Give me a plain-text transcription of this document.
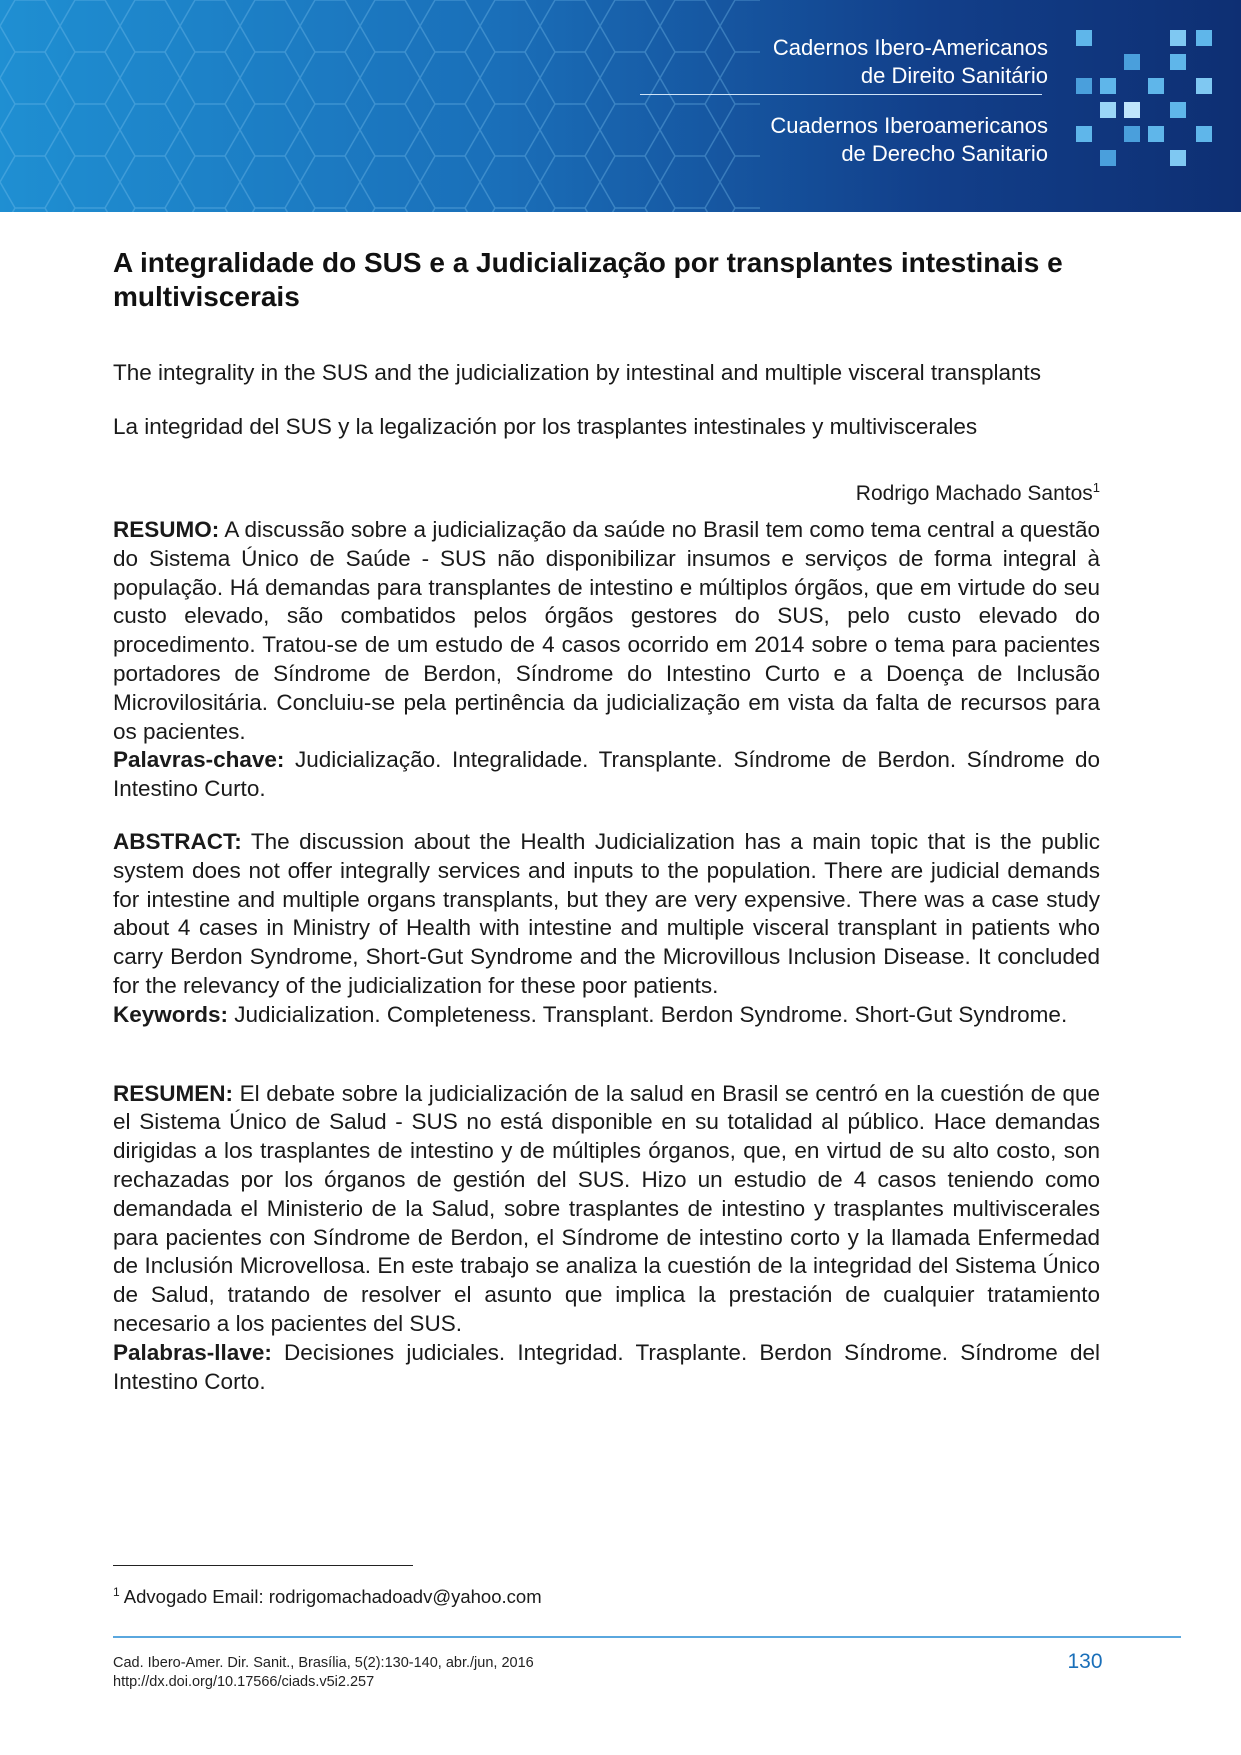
Cadernos Ibero-Americanos
de Direito Sanitário
Cuadernos Iberoamericanos
de Derecho Sanitario
A integralidade do SUS e a Judicialização por transplantes intestinais e multiviscerais

The integrality in the SUS and the judicialization by intestinal and multiple visceral transplants

La integridad del SUS y la legalización por los trasplantes intestinales y multiviscerales

Rodrigo Machado Santos$^1$

RESUMO: A discussão sobre a judicialização da saúde no Brasil tem como tema central a questão do Sistema Único de Saúde - SUS não disponibilizar insumos e serviços de forma integral à população. Há demandas para transplantes de intestino e múltiplos órgãos, que em virtude do seu custo elevado, são combatidos pelos órgãos gestores do SUS, pelo custo elevado do procedimento. Tratou-se de um estudo de 4 casos ocorrido em 2014 sobre o tema para pacientes portadores de Síndrome de Berdon, Síndrome do Intestino Curto e a Doença de Inclusão Microvilositária. Concluiu-se pela pertinência da judicialização em vista da falta de recursos para os pacientes.

Palavras-chave: Judicialização. Integralidade. Transplante. Síndrome de Berdon. Síndrome do Intestino Curto.

ABSTRACT: The discussion about the Health Judicialization has a main topic that is the public system does not offer integrally services and inputs to the population. There are judicial demands for intestine and multiple organs transplants, but they are very expensive. There was a case study about 4 cases in Ministry of Health with intestine and multiple visceral transplant in patients who carry Berdon Syndrome, Short-Gut Syndrome and the Microvillous Inclusion Disease. It concluded for the relevancy of the judicialization for these poor patients.

Keywords: Judicialization. Completeness. Transplant. Berdon Syndrome. Short-Gut Syndrome.

RESUMEN: El debate sobre la judicialización de la salud en Brasil se centró en la cuestión de que el Sistema Único de Salud - SUS no está disponible en su totalidad al público. Hace demandas dirigidas a los trasplantes de intestino y de múltiples órganos, que, en virtud de su alto costo, son rechazadas por los órganos de gestión del SUS. Hizo un estudio de 4 casos teniendo como demandada el Ministerio de la Salud, sobre trasplantes de intestino y trasplantes multiviscerales para pacientes con Síndrome de Berdon, el Síndrome de intestino corto y la llamada Enfermedad de Inclusión Microvellosa. En este trabajo se analiza la cuestión de la integridad del Sistema Único de Salud, tratando de resolver el asunto que implica la prestación de cualquier tratamiento necesario a los pacientes del SUS.

Palabras-llave: Decisiones judiciales. Integridad. Trasplante. Berdon Síndrome. Síndrome del Intestino Corto.

$^1$ Advogado Email: rodrigomachadoadv@yahoo.com
Cad. Ibero-Amer. Dir. Sanit., Brasília, 5(2):130-140, abr./jun, 2016
http://dx.doi.org/10.17566/ciads.v5i2.257
130
